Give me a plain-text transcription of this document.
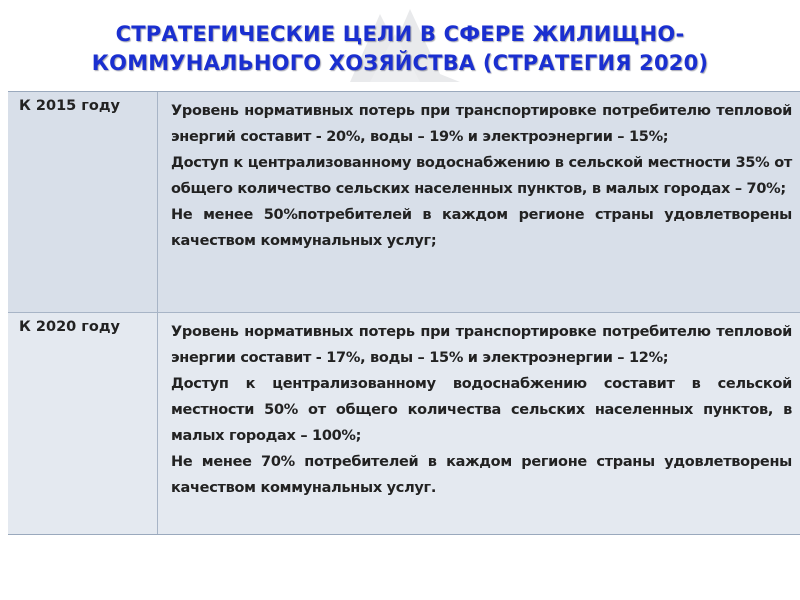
СТРАТЕГИЧЕСКИЕ ЦЕЛИ В СФЕРЕ ЖИЛИЩНО-
КОММУНАЛЬНОГО ХОЗЯЙСТВА (СТРАТЕГИЯ 2020)
К 2015 году	Уровень нормативных потерь при транспортировке потребителю тепловой энергий составит - 20%, воды – 19% и электроэнергии – 15%;

Доступ к централизованному водоснабжению в сельской местности 35% от общего количество сельских населенных пунктов, в малых городах – 70%;

Не менее 50%потребителей в каждом регионе страны удовлетворены качеством коммунальных услуг;

К 2020 году	Уровень нормативных потерь при транспортировке потребителю тепловой энергии составит - 17%, воды – 15% и электроэнергии – 12%;

Доступ к централизованному водоснабжению составит в сельской местности 50% от общего количества сельских населенных пунктов, в малых городах – 100%;

Не менее 70% потребителей в каждом регионе страны удовлетворены качеством коммунальных услуг.
